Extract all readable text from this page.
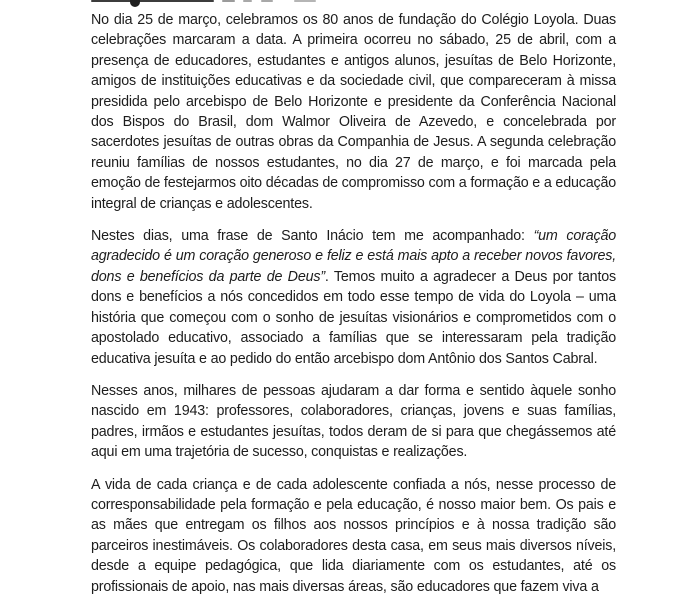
No dia 25 de março, celebramos os 80 anos de fundação do Colégio Loyola. Duas celebrações marcaram a data. A primeira ocorreu no sábado, 25 de abril, com a presença de educadores, estudantes e antigos alunos, jesuítas de Belo Horizonte, amigos de instituições educativas e da sociedade civil, que compareceram à missa presidida pelo arcebispo de Belo Horizonte e presidente da Conferência Nacional dos Bispos do Brasil, dom Walmor Oliveira de Azevedo, e concelebrada por sacerdotes jesuítas de outras obras da Companhia de Jesus. A segunda celebração reuniu famílias de nossos estudantes, no dia 27 de março, e foi marcada pela emoção de festejarmos oito décadas de compromisso com a formação e a educação integral de crianças e adolescentes.

Nestes dias, uma frase de Santo Inácio tem me acompanhado: “um coração agradecido é um coração generoso e feliz e está mais apto a receber novos favores, dons e benefícios da parte de Deus”. Temos muito a agradecer a Deus por tantos dons e benefícios a nós concedidos em todo esse tempo de vida do Loyola – uma história que começou com o sonho de jesuítas visionários e comprometidos com o apostolado educativo, associado a famílias que se interessaram pela tradição educativa jesuíta e ao pedido do então arcebispo dom Antônio dos Santos Cabral.

Nesses anos, milhares de pessoas ajudaram a dar forma e sentido àquele sonho nascido em 1943: professores, colaboradores, crianças, jovens e suas famílias, padres, irmãos e estudantes jesuítas, todos deram de si para que chegássemos até aqui em uma trajetória de sucesso, conquistas e realizações.

A vida de cada criança e de cada adolescente confiada a nós, nesse processo de corresponsabilidade pela formação e pela educação, é nosso maior bem. Os pais e as mães que entregam os filhos aos nossos princípios e à nossa tradição são parceiros inestimáveis. Os colaboradores desta casa, em seus mais diversos níveis, desde a equipe pedagógica, que lida diariamente com os estudantes, até os profissionais de apoio, nas mais diversas áreas, são educadores que fazem viva a
